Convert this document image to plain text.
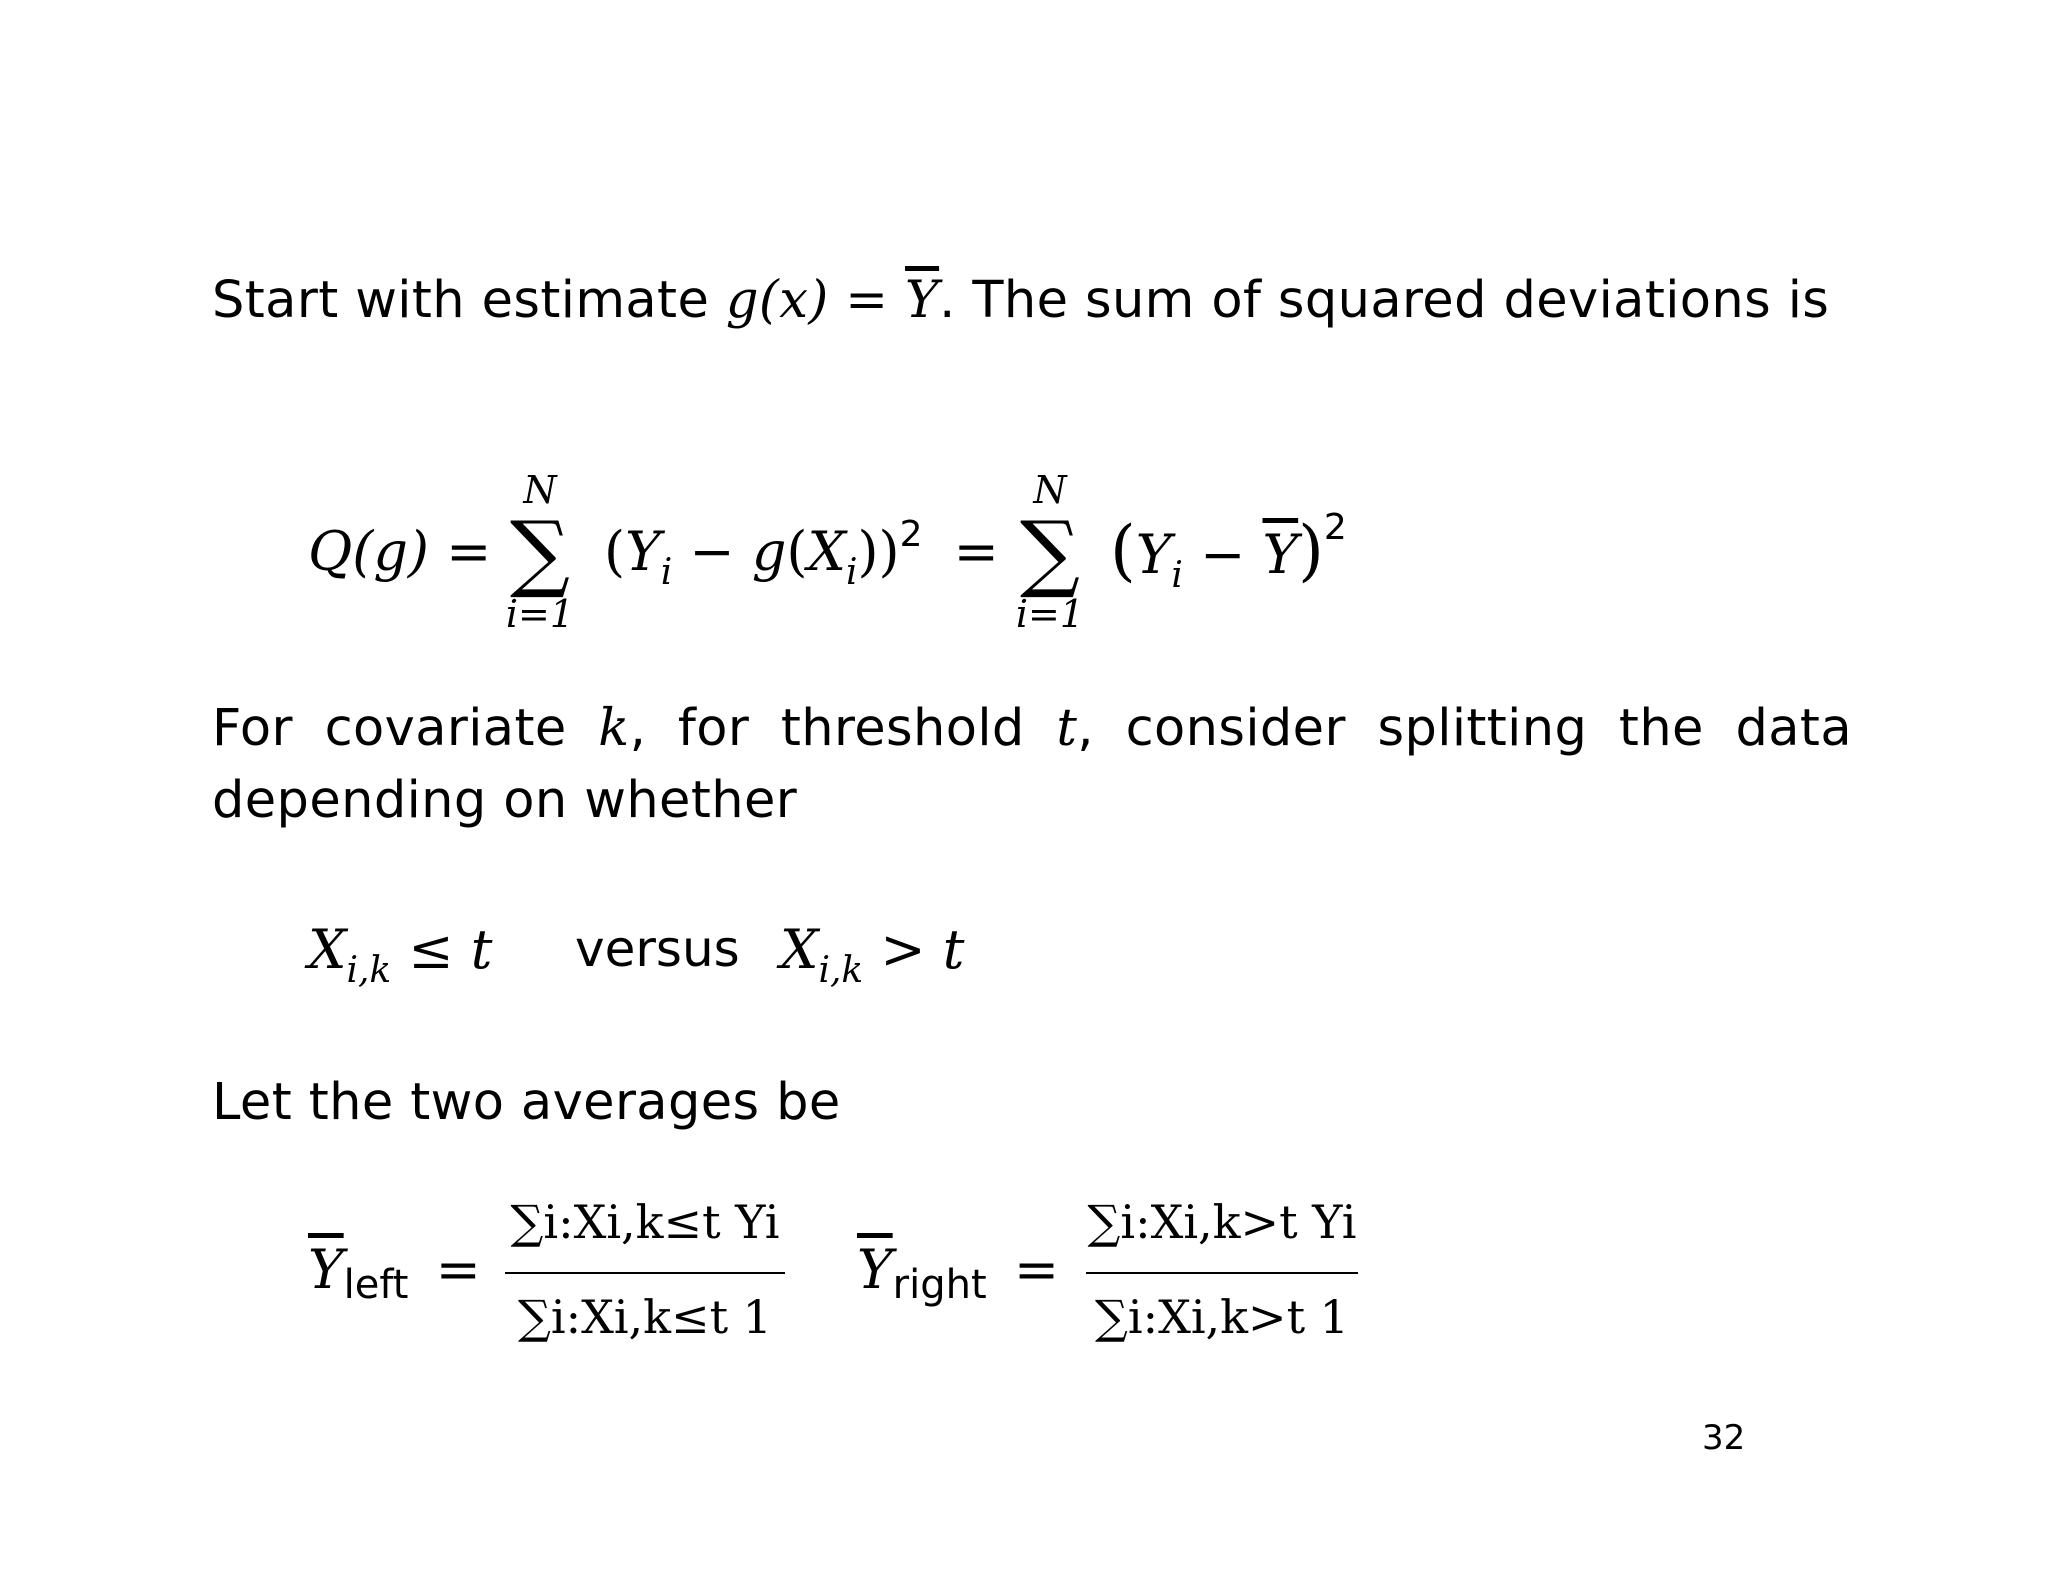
Start with estimate $g(x) = \overline{Y}$. The sum of squared deviations is
Q(g) =
N
∑
i=1
$(Y_i - g(X_i))^2$ =
N
∑
i=1
$(Y_i - \overline{Y})^2$
For covariate k, for threshold t, consider splitting the data depending on whether
$X_{i,k} \le t$ versus $X_{i,k} > t$
Let the two averages be
$\overline{Y}left$ =
∑i:Xi,k≤t Yi
∑i:Xi,k≤t 1
$\overline{Y}right$ =
∑i:Xi,k>t Yi
∑i:Xi,k>t 1
32
